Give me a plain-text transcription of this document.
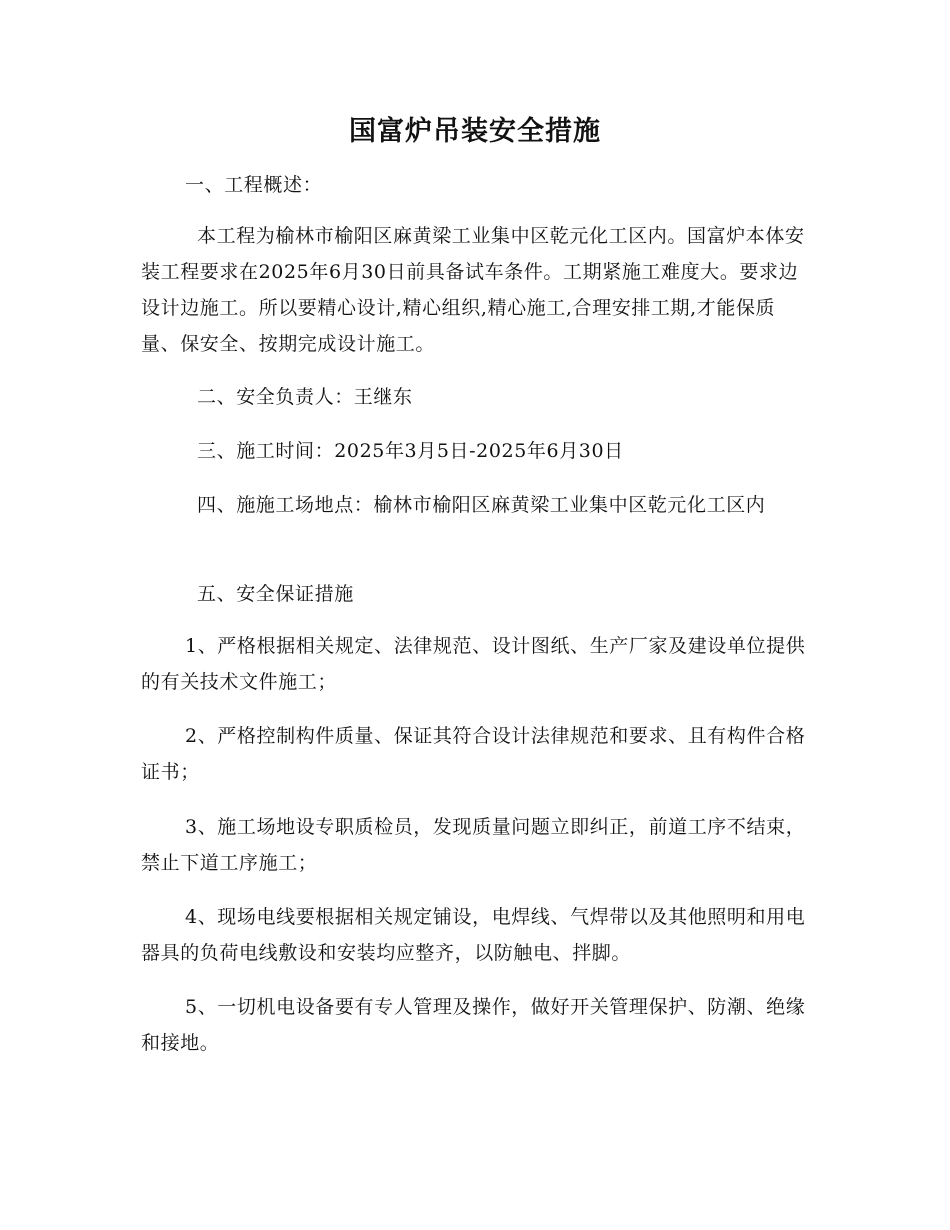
国富炉吊装安全措施

一、工程概述：

本工程为榆林市榆阳区麻黄梁工业集中区乾元化工区内。国富炉本体安装工程要求在2025年6月30日前具备试车条件。工期紧施工难度大。要求边设计边施工。所以要精心设计,精心组织,精心施工,合理安排工期,才能保质量、保安全、按期完成设计施工。

二、安全负责人：王继东

三、施工时间：2025年3月5日-2025年6月30日

四、施施工场地点：榆林市榆阳区麻黄梁工业集中区乾元化工区内

五、安全保证措施

1、严格根据相关规定、法律规范、设计图纸、生产厂家及建设单位提供的有关技术文件施工；

2、严格控制构件质量、保证其符合设计法律规范和要求、且有构件合格证书；

3、施工场地设专职质检员，发现质量问题立即纠正，前道工序不结束，禁止下道工序施工；

4、现场电线要根据相关规定铺设，电焊线、气焊带以及其他照明和用电器具的负荷电线敷设和安装均应整齐，以防触电、拌脚。

5、一切机电设备要有专人管理及操作，做好开关管理保护、防潮、绝缘和接地。
